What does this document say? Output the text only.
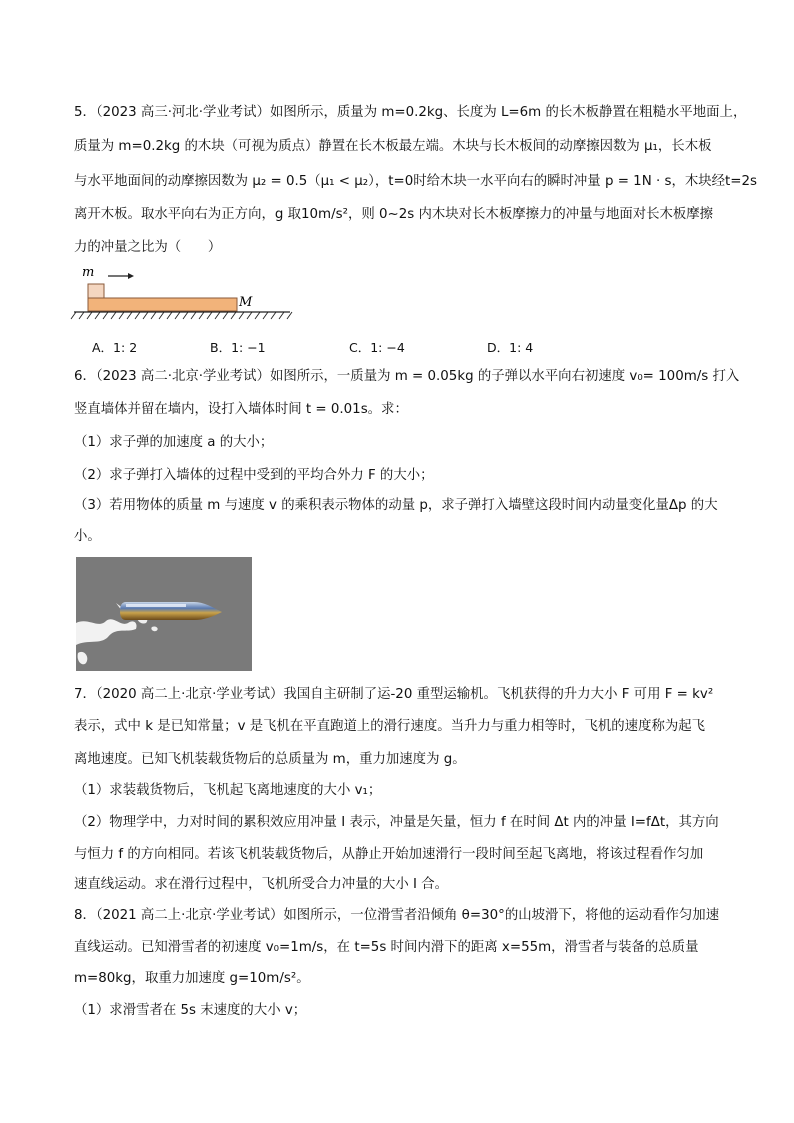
5．（2023 高三·河北·学业考试）如图所示，质量为 m=0.2kg、长度为 L=6m 的长木板静置在粗糙水平地面上，
质量为 m=0.2kg 的木块（可视为质点）静置在长木板最左端。木块与长木板间的动摩擦因数为 μ₁，长木板
与水平地面间的动摩擦因数为 μ₂ = 0.5（μ₁ < μ₂），t=0时给木块一水平向右的瞬时冲量 p = 1N · s，木块经t=2s
离开木板。取水平向右为正方向，g 取10m/s²，则 0~2s 内木块对长木板摩擦力的冲量与地面对长木板摩擦
力的冲量之比为（　　）
m
M
A．1: 2	B．1: −1	C．1: −4	D．1: 4
6．（2023 高二·北京·学业考试）如图所示，一质量为 m = 0.05kg 的子弹以水平向右初速度 v₀= 100m/s 打入
竖直墙体并留在墙内，设打入墙体时间 t = 0.01s。求：
（1）求子弹的加速度 a 的大小；
（2）求子弹打入墙体的过程中受到的平均合外力 F 的大小；
（3）若用物体的质量 m 与速度 v 的乘积表示物体的动量 p，求子弹打入墙壁这段时间内动量变化量Δp 的大
小。
7．（2020 高二上·北京·学业考试）我国自主研制了运-20 重型运输机。飞机获得的升力大小 F 可用 F = kv²
表示，式中 k 是已知常量；v 是飞机在平直跑道上的滑行速度。当升力与重力相等时，飞机的速度称为起飞
离地速度。已知飞机装载货物后的总质量为 m，重力加速度为 g。
（1）求装载货物后，飞机起飞离地速度的大小 v₁；
（2）物理学中，力对时间的累积效应用冲量 I 表示，冲量是矢量，恒力 f 在时间 Δt 内的冲量 I=fΔt，其方向
与恒力 f 的方向相同。若该飞机装载货物后，从静止开始加速滑行一段时间至起飞离地，将该过程看作匀加
速直线运动。求在滑行过程中，飞机所受合力冲量的大小 I 合。
8．（2021 高二上·北京·学业考试）如图所示，一位滑雪者沿倾角 θ=30°的山坡滑下，将他的运动看作匀加速
直线运动。已知滑雪者的初速度 v₀=1m/s，在 t=5s 时间内滑下的距离 x=55m，滑雪者与装备的总质量
m=80kg，取重力加速度 g=10m/s²。
（1）求滑雪者在 5s 末速度的大小 v；
